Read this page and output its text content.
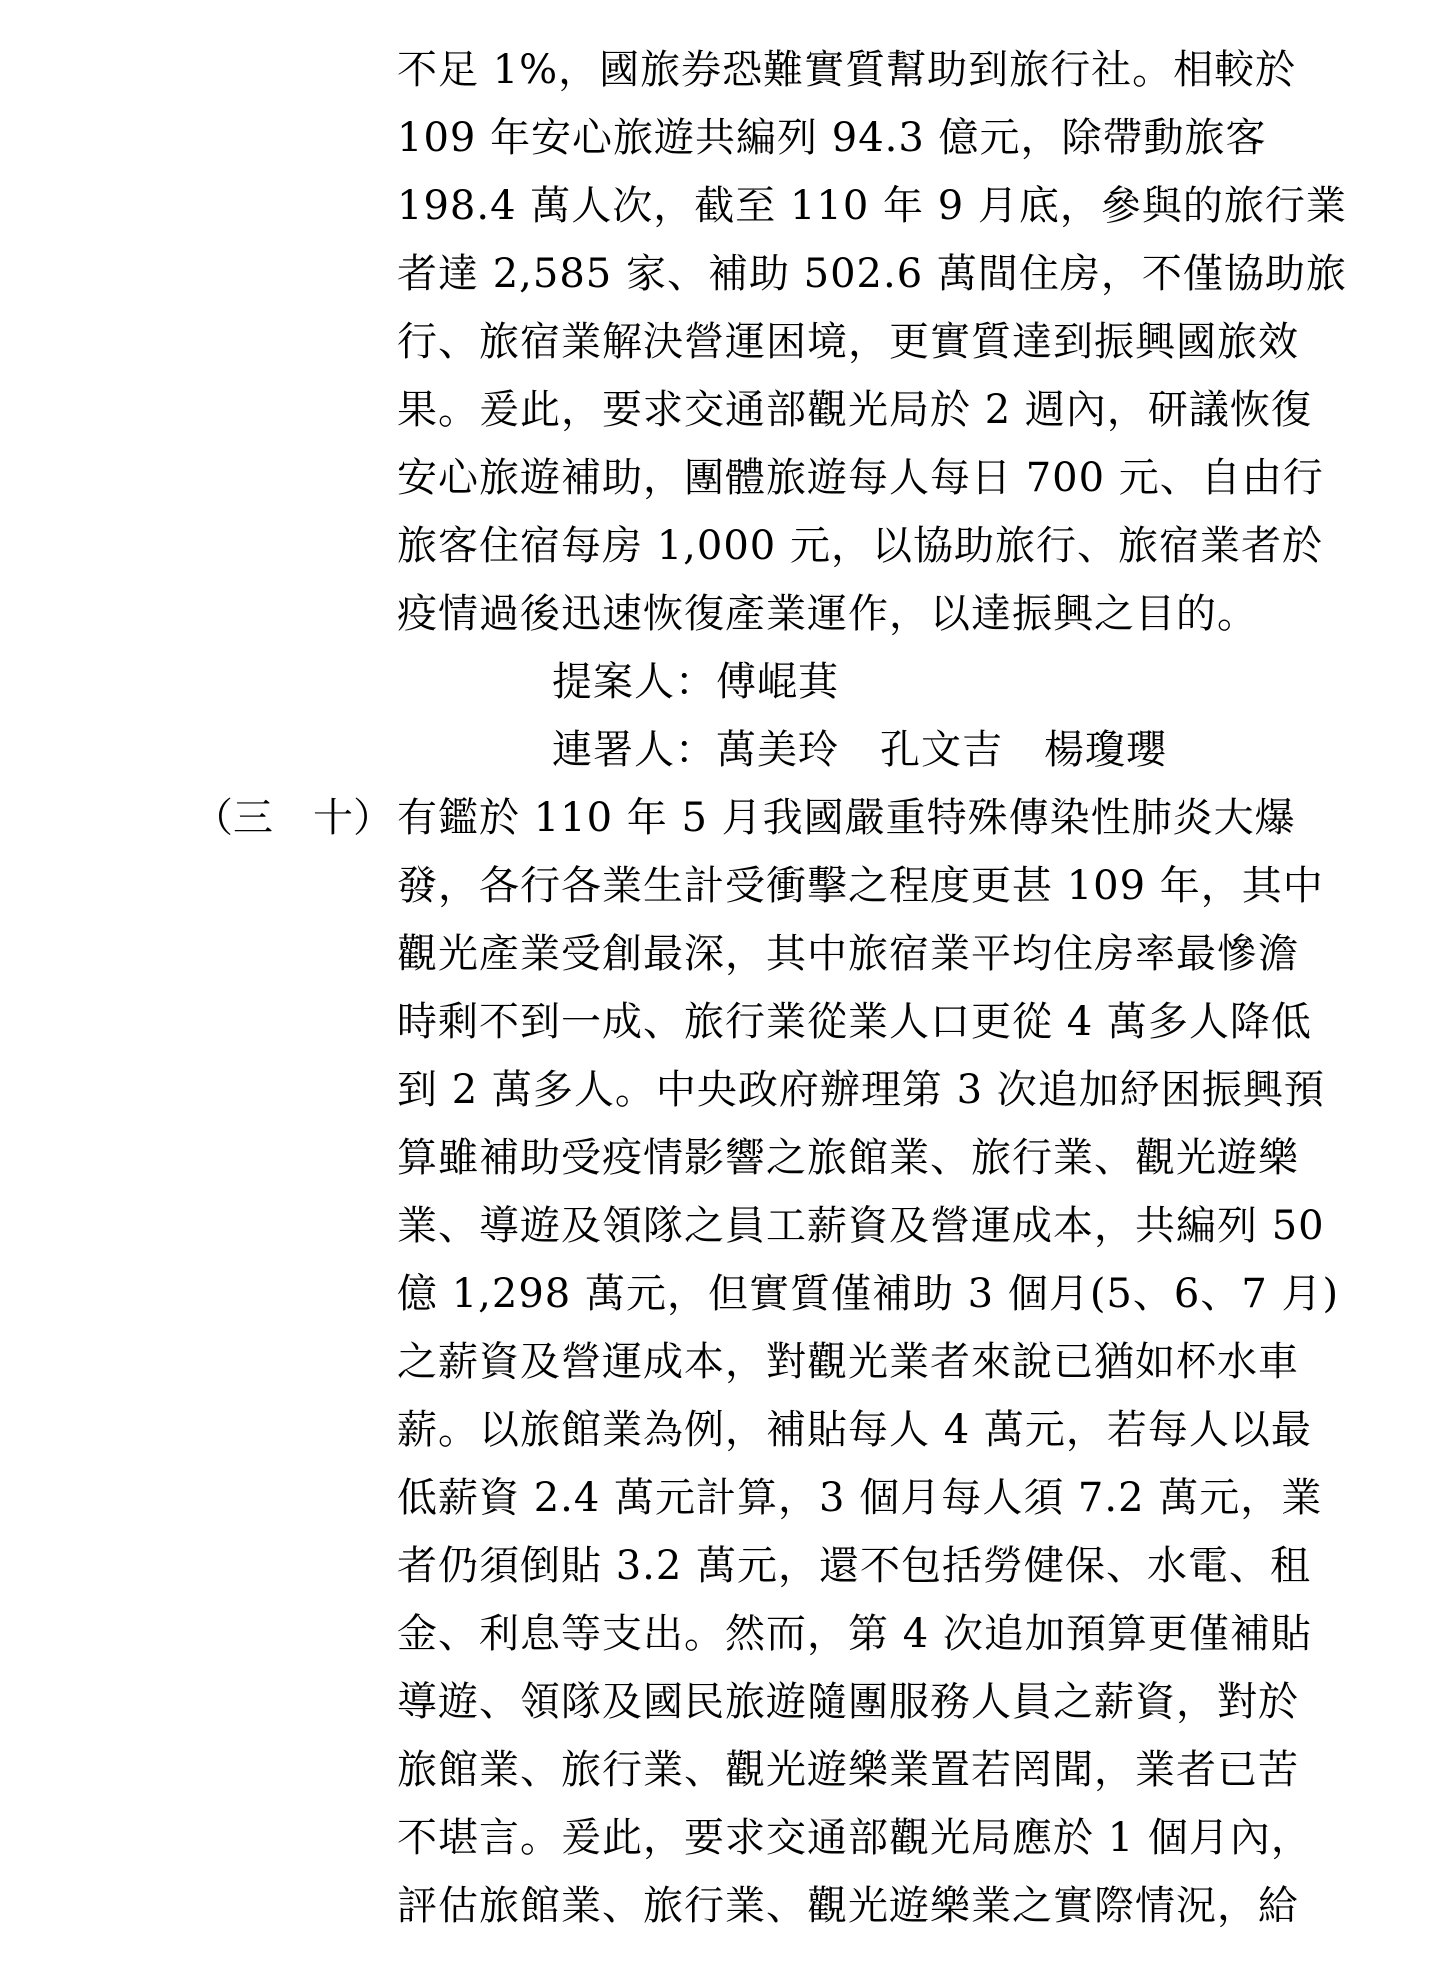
不足 1%，國旅券恐難實質幫助到旅行社。相較於
109 年安心旅遊共編列 94.3 億元，除帶動旅客
198.4 萬人次，截至 110 年 9 月底，參與的旅行業
者達 2,585 家、補助 502.6 萬間住房，不僅協助旅
行、旅宿業解決營運困境，更實質達到振興國旅效
果。爰此，要求交通部觀光局於 2 週內，研議恢復
安心旅遊補助，團體旅遊每人每日 700 元、自由行
旅客住宿每房 1,000 元，以協助旅行、旅宿業者於
疫情過後迅速恢復產業運作，以達振興之目的。
提案人：傅崐萁
連署人：萬美玲　孔文吉　楊瓊瓔
（三　十） 有鑑於 110 年 5 月我國嚴重特殊傳染性肺炎大爆
發，各行各業生計受衝擊之程度更甚 109 年，其中
觀光產業受創最深，其中旅宿業平均住房率最慘澹
時剩不到一成、旅行業從業人口更從 4 萬多人降低
到 2 萬多人。中央政府辦理第 3 次追加紓困振興預
算雖補助受疫情影響之旅館業、旅行業、觀光遊樂
業、導遊及領隊之員工薪資及營運成本，共編列 50
億 1,298 萬元，但實質僅補助 3 個月(5、6、7 月)
之薪資及營運成本，對觀光業者來說已猶如杯水車
薪。以旅館業為例，補貼每人 4 萬元，若每人以最
低薪資 2.4 萬元計算，3 個月每人須 7.2 萬元，業
者仍須倒貼 3.2 萬元，還不包括勞健保、水電、租
金、利息等支出。然而，第 4 次追加預算更僅補貼
導遊、領隊及國民旅遊隨團服務人員之薪資，對於
旅館業、旅行業、觀光遊樂業置若罔聞，業者已苦
不堪言。爰此，要求交通部觀光局應於 1 個月內，
評估旅館業、旅行業、觀光遊樂業之實際情況，給
